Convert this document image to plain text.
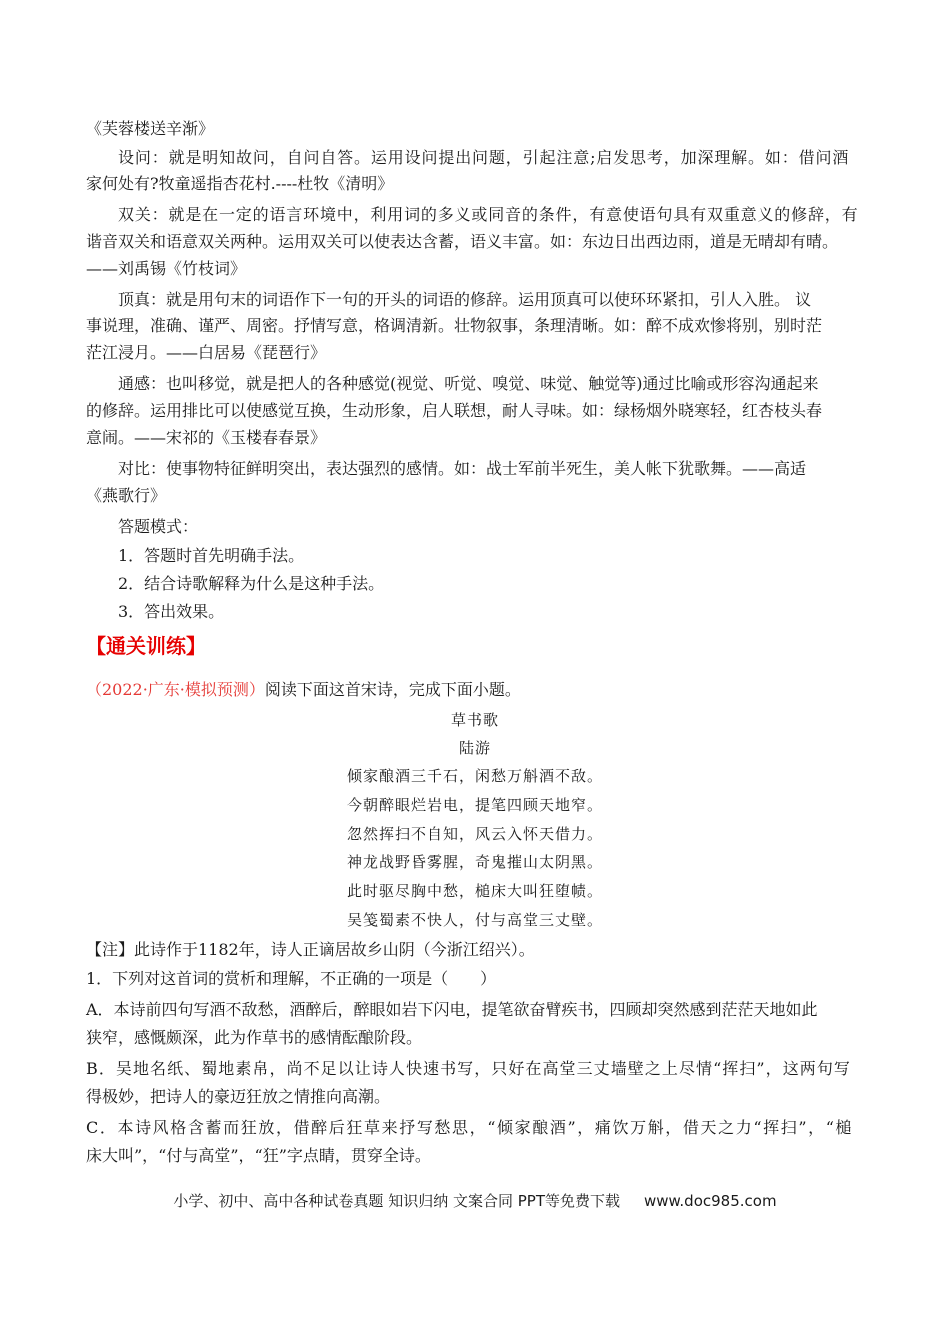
《芙蓉楼送辛渐》
设 问 ： 就 是 明 知 故 问 ， 自 问 自 答 。 运 用 设 问 提 出 问 题 ， 引 起 注 意 ; 启 发 思 考 ， 加 深 理 解 。 如 ： 借 问 酒
家何处有?牧童遥指杏花村.----杜牧《清明》
双 关 ： 就 是 在 一 定 的 语 言 环 境 中 ， 利 用 词 的 多 义 或 同 音 的 条 件 ， 有 意 使 语 句 具 有 双 重 意 义 的 修 辞 ， 有
谐音双关和语意双关两种。运用双关可以使表达含蓄，语义丰富。如：东边日出西边雨，道是无晴却有晴。
——刘禹锡《竹枝词》
顶真：就是用句末的词语作下一句的开头的词语的修辞。运用顶真可以使环环紧扣，引人入胜。 议
事说理，准确、谨严、周密。抒情写意，格调清新。壮物叙事，条理清晰。如：醉不成欢惨将别，别时茫
茫江浸月。——白居易《琵琶行》
通感：也叫移觉，就是把人的各种感觉(视觉、听觉、嗅觉、味觉、触觉等)通过比喻或形容沟通起来
的修辞。运用排比可以使感觉互换，生动形象，启人联想，耐人寻味。如：绿杨烟外晓寒轻，红杏枝头春
意闹。——宋祁的《玉楼春春景》
对比：使事物特征鲜明突出，表达强烈的感情。如：战士军前半死生，美人帐下犹歌舞。——高适
《燕歌行》
答题模式：
1．答题时首先明确手法。
2．结合诗歌解释为什么是这种手法。
3．答出效果。
【通关训练】
（2022·广东·模拟预测）阅读下面这首宋诗，完成下面小题。
草书歌
陆游
倾家酿酒三千石，闲愁万斛酒不敌。
今朝醉眼烂岩电，提笔四顾天地窄。
忽然挥扫不自知，风云入怀天借力。
神龙战野昏雾腥，奇鬼摧山太阴黑。
此时驱尽胸中愁，槌床大叫狂堕帻。
吴笺蜀素不快人，付与高堂三丈壁。
【注】此诗作于1182年，诗人正谪居故乡山阴（今浙江绍兴）。
1．下列对这首词的赏析和理解，不正确的一项是（　　）
A．本诗前四句写酒不敌愁，酒醉后，醉眼如岩下闪电，提笔欲奋臂疾书，四顾却突然感到茫茫天地如此
狭窄，感慨颇深，此为作草书的感情酝酿阶段。
B ． 吴 地 名 纸 、 蜀 地 素 帛 ， 尚 不 足 以 让 诗 人 快 速 书 写 ， 只 好 在 高 堂 三 丈 墙 壁 之 上 尽 情 “ 挥 扫 ” ， 这 两 句 写
得极妙，把诗人的豪迈狂放之情推向高潮。
C ． 本 诗 风 格 含 蓄 而 狂 放 ， 借 醉 后 狂 草 来 抒 写 愁 思 ， “ 倾 家 酿 酒 ” ， 痛 饮 万 斛 ， 借 天 之 力 “ 挥 扫 ” ， “ 槌
床大叫”，“付与高堂”，“狂”字点睛，贯穿全诗。
小学、初中、高中各种试卷真题 知识归纳 文案合同 PPT等免费下载 www.doc985.com
